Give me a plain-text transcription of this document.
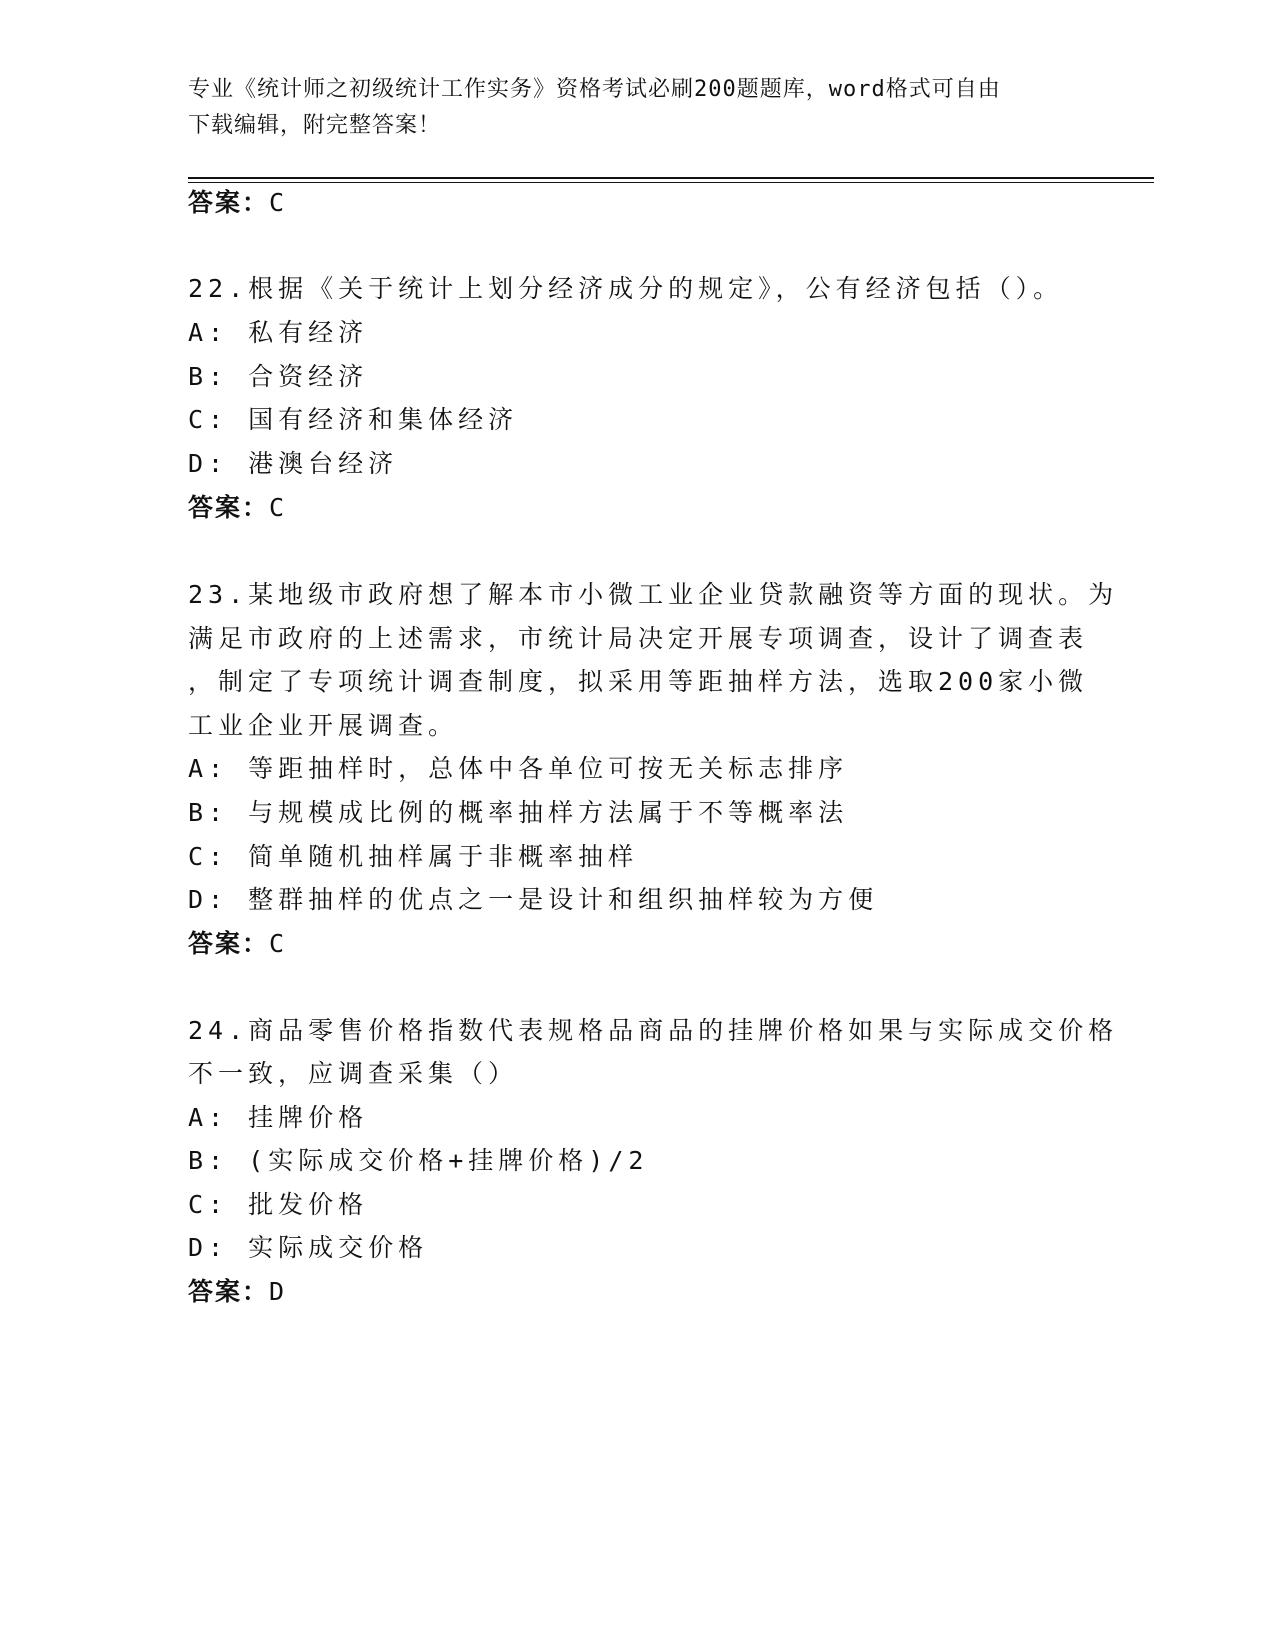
专业《统计师之初级统计工作实务》资格考试必刷200题题库，word格式可自由
下载编辑，附完整答案！
答案：C
22.根据《关于统计上划分经济成分的规定》，公有经济包括（）。
A: 私有经济
B: 合资经济
C: 国有经济和集体经济
D: 港澳台经济
答案：C
23.某地级市政府想了解本市小微工业企业贷款融资等方面的现状。为
满足市政府的上述需求，市统计局决定开展专项调查，设计了调查表
，制定了专项统计调查制度，拟采用等距抽样方法，选取200家小微
工业企业开展调查。
A: 等距抽样时，总体中各单位可按无关标志排序
B: 与规模成比例的概率抽样方法属于不等概率法
C: 简单随机抽样属于非概率抽样
D: 整群抽样的优点之一是设计和组织抽样较为方便
答案：C
24.商品零售价格指数代表规格品商品的挂牌价格如果与实际成交价格
不一致，应调查采集（）
A: 挂牌价格
B: (实际成交价格+挂牌价格)/2
C: 批发价格
D: 实际成交价格
答案：D
